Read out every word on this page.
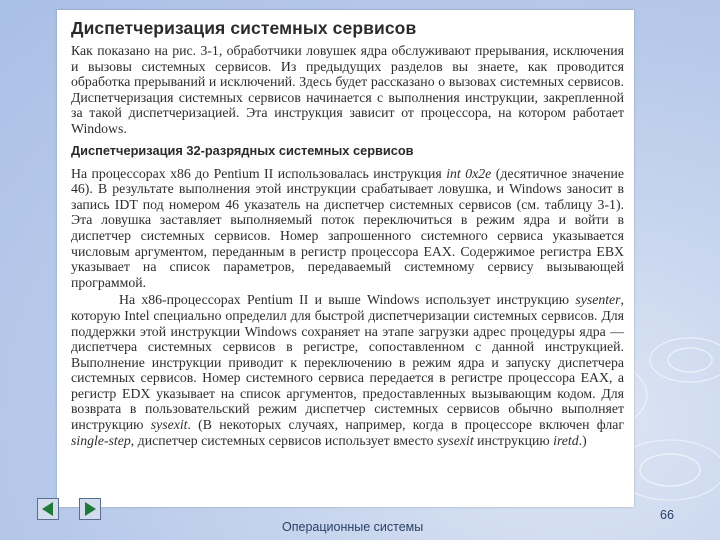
Диспетчеризация системных сервисов

Как показано на рис. 3-1, обработчики ловушек ядра обслуживают прерывания, исключения и вызовы системных сервисов. Из предыдущих разделов вы знаете, как проводится обработка прерываний и исключений. Здесь будет рассказано о вызовах системных сервисов. Диспетчеризация системных сервисов начинается с выполнения инструкции, закрепленной за такой диспетчеризацией. Эта инструкция зависит от процессора, на котором работает Windows.

Диспетчеризация 32-разрядных системных сервисов

На процессорах x86 до Pentium II использовалась инструкция int 0x2e (десятичное значение 46). В результате выполнения этой инструкции срабатывает ловушка, и Windows заносит в запись IDT под номером 46 указатель на диспетчер системных сервисов (см. таблицу 3-1). Эта ловушка заставляет выполняемый поток переключиться в режим ядра и войти в диспетчер системных сервисов. Номер запрошенного системного сервиса указывается числовым аргументом, переданным в регистр процессора EAX. Содержимое регистра EBX указывает на список параметров, передаваемый системному сервису вызывающей программой.

На x86-процессорах Pentium II и выше Windows использует инструкцию sysenter, которую Intel специально определил для быстрой диспетчеризации системных сервисов. Для поддержки этой инструкции Windows сохраняет на этапе загрузки адрес процедуры ядра — диспетчера системных сервисов в регистре, сопоставленном с данной инструкцией. Выполнение инструкции приводит к переключению в режим ядра и запуску диспетчера системных сервисов. Номер системного сервиса передается в регистре процессора EAX, а регистр EDX указывает на список аргументов, предоставленных вызывающим кодом. Для возврата в пользовательский режим диспетчер системных сервисов обычно выполняет инструкцию sysexit. (В некоторых случаях, например, когда в процессоре включен флаг single-step, диспетчер системных сервисов использует вместо sysexit инструкцию iretd.)

Операционные системы
66
